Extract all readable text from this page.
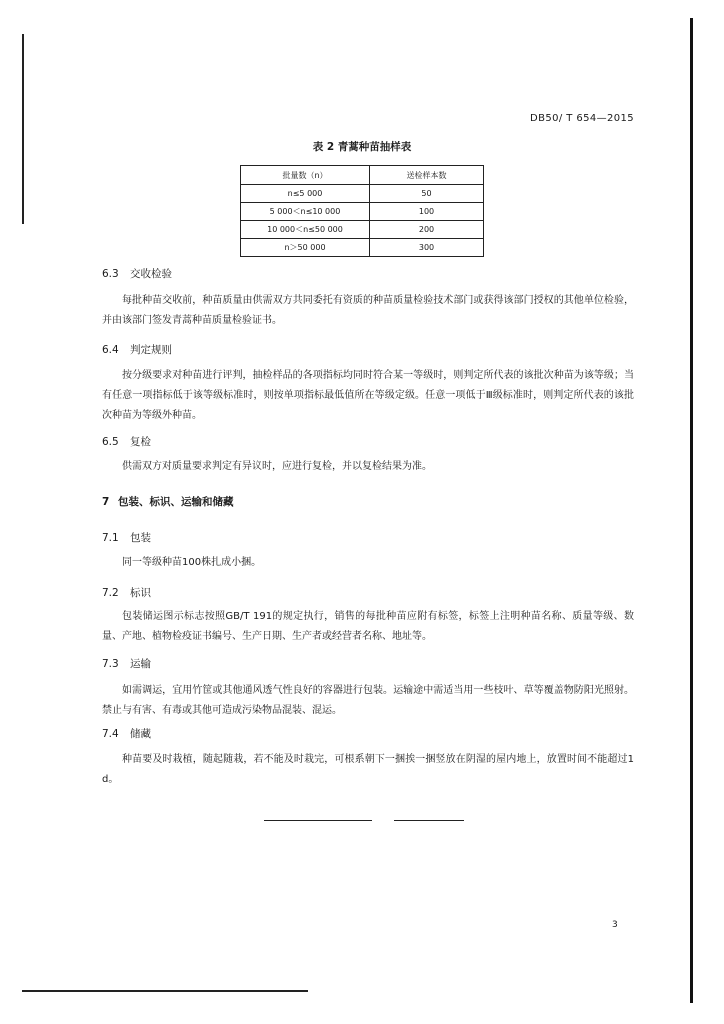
DB50/ T 654—2015
表 2 青蒿种苗抽样表
批量数（n）	送检样本数
n≤5 000	50
5 000＜n≤10 000	100
10 000＜n≤50 000	200
n＞50 000	300
6.3 交收检验
每批种苗交收前，种苗质量由供需双方共同委托有资质的种苗质量检验技术部门或获得该部门授权的其他单位检验，并由该部门签发青蒿种苗质量检验证书。
6.4 判定规则
按分级要求对种苗进行评判，抽检样品的各项指标均同时符合某一等级时，则判定所代表的该批次种苗为该等级；当有任意一项指标低于该等级标准时，则按单项指标最低值所在等级定级。任意一项低于Ⅲ级标准时，则判定所代表的该批次种苗为等级外种苗。
6.5 复检
供需双方对质量要求判定有异议时，应进行复检，并以复检结果为准。
7 包装、标识、运输和储藏
7.1 包装
同一等级种苗100株扎成小捆。
7.2 标识
包装储运图示标志按照GB/T 191的规定执行，销售的每批种苗应附有标签，标签上注明种苗名称、质量等级、数量、产地、植物检疫证书编号、生产日期、生产者或经营者名称、地址等。
7.3 运输
如需调运，宜用竹筐或其他通风透气性良好的容器进行包装。运输途中需适当用一些枝叶、草等覆盖物防阳光照射。禁止与有害、有毒或其他可造成污染物品混装、混运。
7.4 储藏
种苗要及时栽植，随起随栽，若不能及时栽完，可根系朝下一捆挨一捆竖放在阴湿的屋内地上，放置时间不能超过1 d。
3
